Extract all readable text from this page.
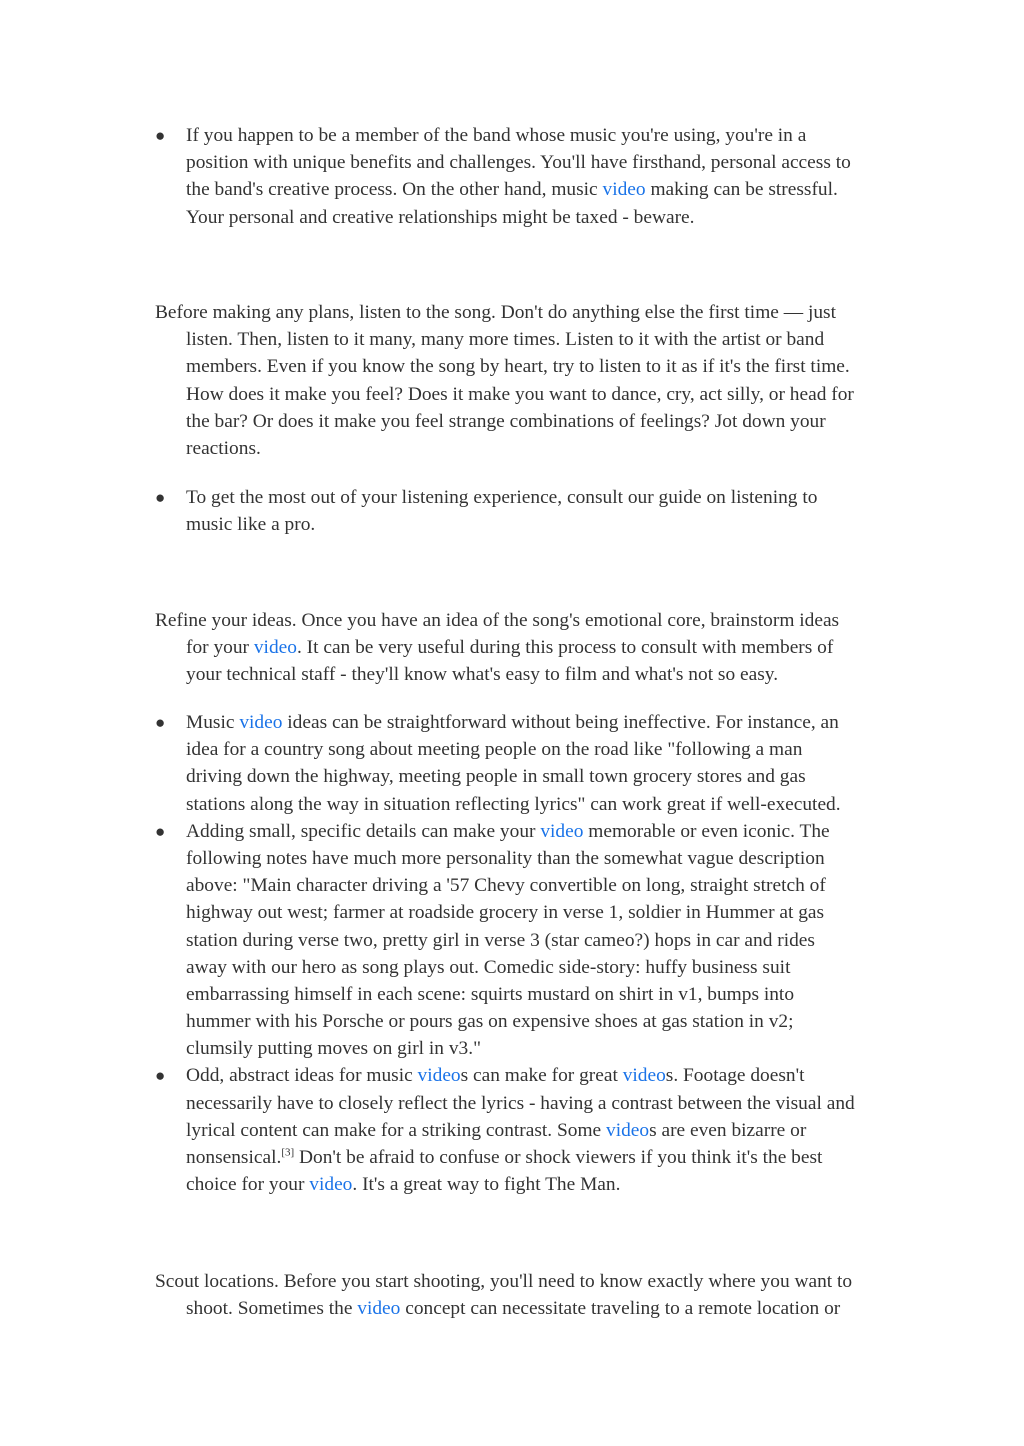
●	If you happen to be a member of the band whose music you're using, you're in a
position with unique benefits and challenges. You'll have firsthand, personal access to
the band's creative process. On the other hand, music video making can be stressful.
Your personal and creative relationships might be taxed - beware.
Before making any plans, listen to the song. Don't do anything else the first time — just
listen. Then, listen to it many, many more times. Listen to it with the artist or band
members. Even if you know the song by heart, try to listen to it as if it's the first time.
How does it make you feel? Does it make you want to dance, cry, act silly, or head for
the bar? Or does it make you feel strange combinations of feelings? Jot down your
reactions.
●	To get the most out of your listening experience, consult our guide on listening to
music like a pro.
Refine your ideas. Once you have an idea of the song's emotional core, brainstorm ideas
for your video. It can be very useful during this process to consult with members of
your technical staff - they'll know what's easy to film and what's not so easy.
●	Music video ideas can be straightforward without being ineffective. For instance, an
idea for a country song about meeting people on the road like "following a man
driving down the highway, meeting people in small town grocery stores and gas
stations along the way in situation reflecting lyrics" can work great if well-executed.
●	Adding small, specific details can make your video memorable or even iconic. The
following notes have much more personality than the somewhat vague description
above: "Main character driving a '57 Chevy convertible on long, straight stretch of
highway out west; farmer at roadside grocery in verse 1, soldier in Hummer at gas
station during verse two, pretty girl in verse 3 (star cameo?) hops in car and rides
away with our hero as song plays out. Comedic side-story: huffy business suit
embarrassing himself in each scene: squirts mustard on shirt in v1, bumps into
hummer with his Porsche or pours gas on expensive shoes at gas station in v2;
clumsily putting moves on girl in v3."
●	Odd, abstract ideas for music videos can make for great videos. Footage doesn't
necessarily have to closely reflect the lyrics - having a contrast between the visual and
lyrical content can make for a striking contrast. Some videos are even bizarre or
nonsensical.[3] Don't be afraid to confuse or shock viewers if you think it's the best
choice for your video. It's a great way to fight The Man.
Scout locations. Before you start shooting, you'll need to know exactly where you want to
shoot. Sometimes the video concept can necessitate traveling to a remote location or
